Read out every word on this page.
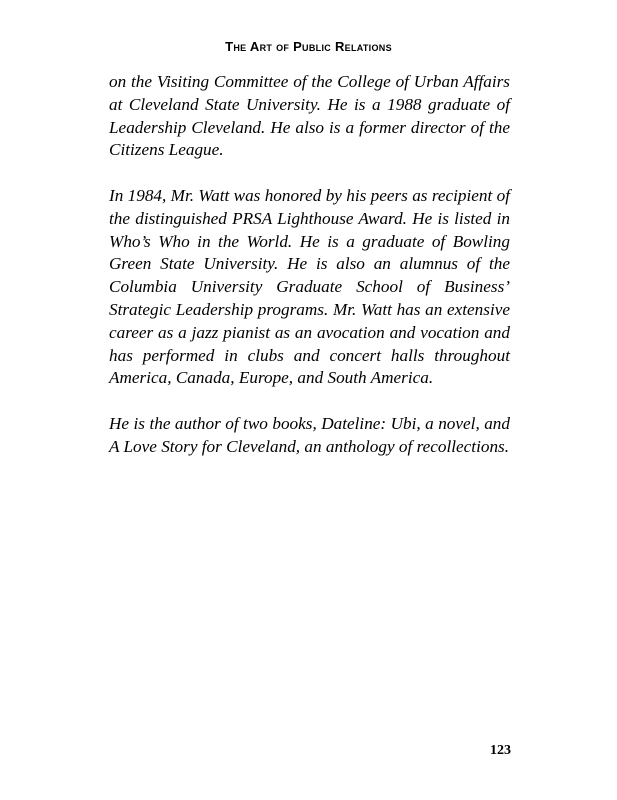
The Art of Public Relations

on the Visiting Committee of the College of Urban Affairs at Cleveland State University. He is a 1988 graduate of Leadership Cleveland. He also is a former director of the Citizens League.

In 1984, Mr. Watt was honored by his peers as recipient of the distinguished PRSA Lighthouse Award. He is listed in Who’s Who in the World. He is a graduate of Bowling Green State University. He is also an alumnus of the Columbia University Graduate School of Business’ Strategic Leadership programs. Mr. Watt has an extensive career as a jazz pianist as an avocation and vocation and has performed in clubs and concert halls throughout America, Canada, Europe, and South America.

He is the author of two books, Dateline: Ubi, a novel, and A Love Story for Cleveland, an anthology of recollections.

123
